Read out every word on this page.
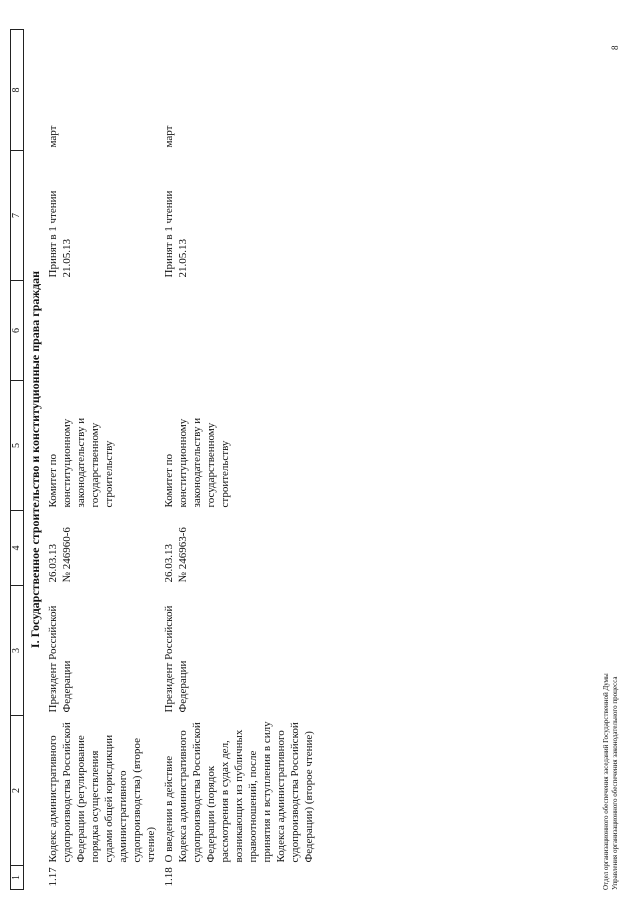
1	2	3	4	5	6	7	8
I. Государственное строительство и конституционные права граждан							
1.17	Кодекс административного судопроизводства Российской Федерации (регулирование порядка осуществления судами общей юрисдикции административного судопроизводства) (второе чтение)	Президент Российской Федерации	26.03.13 № 246960-6	Комитет по конституционному законодательству и государственному строительству		Принят в 1 чтении 21.05.13	март
1.18	О введении в действие Кодекса административного судопроизводства Российской Федерации (порядок рассмотрения в судах дел, возникающих из публичных правоотношений, после принятия и вступления в силу Кодекса административного судопроизводства Российской Федерации) (второе чтение)	Президент Российской Федерации	26.03.13 № 246963-6	Комитет по конституционному законодательству и государственному строительству		Принят в 1 чтении 21.05.13	март
Отдел организационного обеспечения заседаний Государственной Думы Управления организационного обеспечения законодательного процесса
8
